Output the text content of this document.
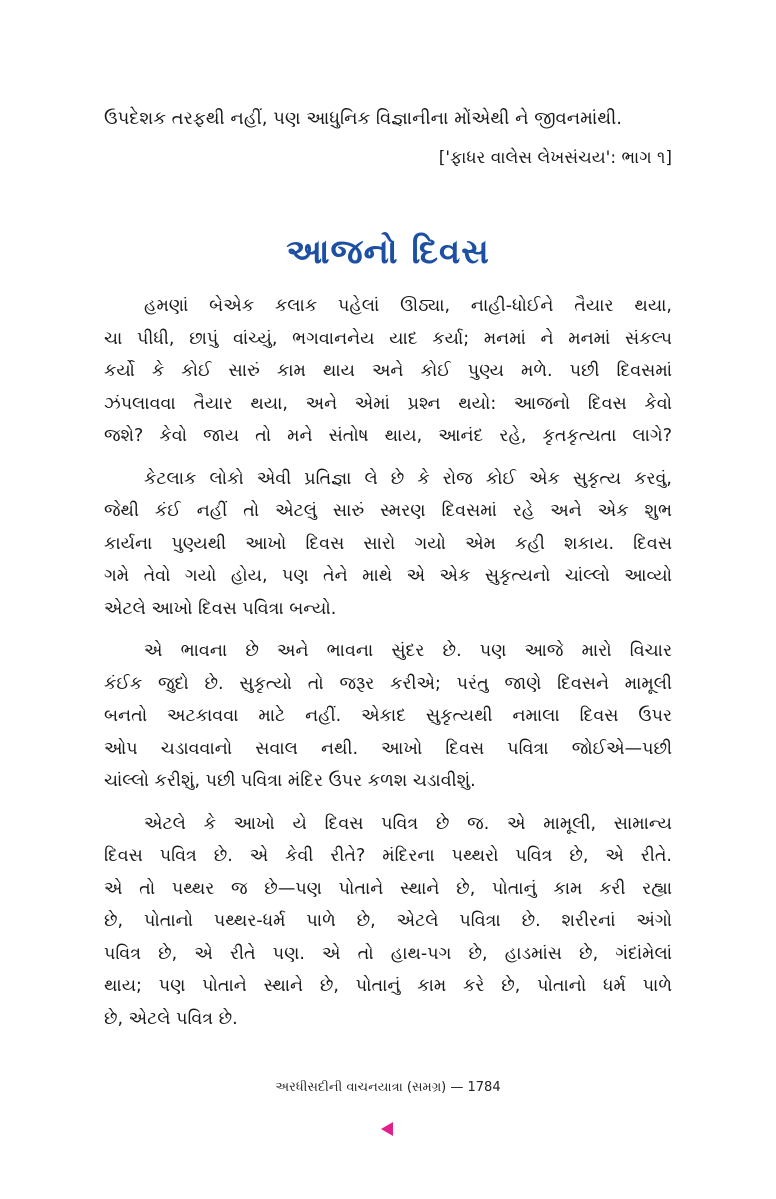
ઉપદેશક તરફથી નહીં, પણ આધુનિક વિજ્ઞાનીના મોંએથી ને જીવનમાંથી.
['ફાધર વાલેસ લેખસંચય': ભાગ ૧]
આજનો દિવસ
હમણાં બેએક કલાક પહેલાં ઊઠ્યા, નાહી-ધોઈને તૈયાર થયા,
ચા પીધી, છાપું વાંચ્યું, ભગવાનનેય યાદ કર્યા; મનમાં ને મનમાં સંકલ્પ
કર્યો કે કોઈ સારું કામ થાય અને કોઈ પુણ્ય મળે. પછી દિવસમાં
ઝંપલાવવા તૈયાર થયા, અને એમાં પ્રશ્ન થયો: આજનો દિવસ કેવો
જશે? કેવો જાય તો મને સંતોષ થાય, આનંદ રહે, કૃતકૃત્યતા લાગે?
કેટલાક લોકો એવી પ્રતિજ્ઞા લે છે કે રોજ કોઈ એક સુકૃત્ય કરવું,
જેથી કંઈ નહીં તો એટલું સારું સ્મરણ દિવસમાં રહે અને એક શુભ
કાર્યના પુણ્યથી આખો દિવસ સારો ગયો એમ કહી શકાય. દિવસ
ગમે તેવો ગયો હોય, પણ તેને માથે એ એક સુકૃત્યનો ચાંલ્લો આવ્યો
એટલે આખો દિવસ પવિત્રા બન્યો.
એ ભાવના છે અને ભાવના સુંદર છે. પણ આજે મારો વિચાર
કંઈક જુદો છે. સુકૃત્યો તો જરૂર કરીએ; પરંતુ જાણે દિવસને મામૂલી
બનતો અટકાવવા માટે નહીં. એકાદ સુકૃત્યથી નમાલા દિવસ ઉપર
ઓપ ચડાવવાનો સવાલ નથી. આખો દિવસ પવિત્રા જોઈએ—પછી
ચાંલ્લો કરીશું, પછી પવિત્રા મંદિર ઉપર કળશ ચડાવીશું.
એટલે કે આખો યે દિવસ પવિત્ર છે જ. એ મામૂલી, સામાન્ય
દિવસ પવિત્ર છે. એ કેવી રીતે? મંદિરના પથ્થરો પવિત્ર છે, એ રીતે.
એ તો પથ્થર જ છે—પણ પોતાને સ્થાને છે, પોતાનું કામ કરી રહ્યા
છે, પોતાનો પથ્થર-ધર્મ પાળે છે, એટલે પવિત્રા છે. શરીરનાં અંગો
પવિત્ર છે, એ રીતે પણ. એ તો હાથ-પગ છે, હાડમાંસ છે, ગંદાંમેલાં
થાય; પણ પોતાને સ્થાને છે, પોતાનું કામ કરે છે, પોતાનો ધર્મ પાળે
છે, એટલે પવિત્ર છે.
અરધીસદીની વાચનયાત્રા (સમગ્ર) — 1784
